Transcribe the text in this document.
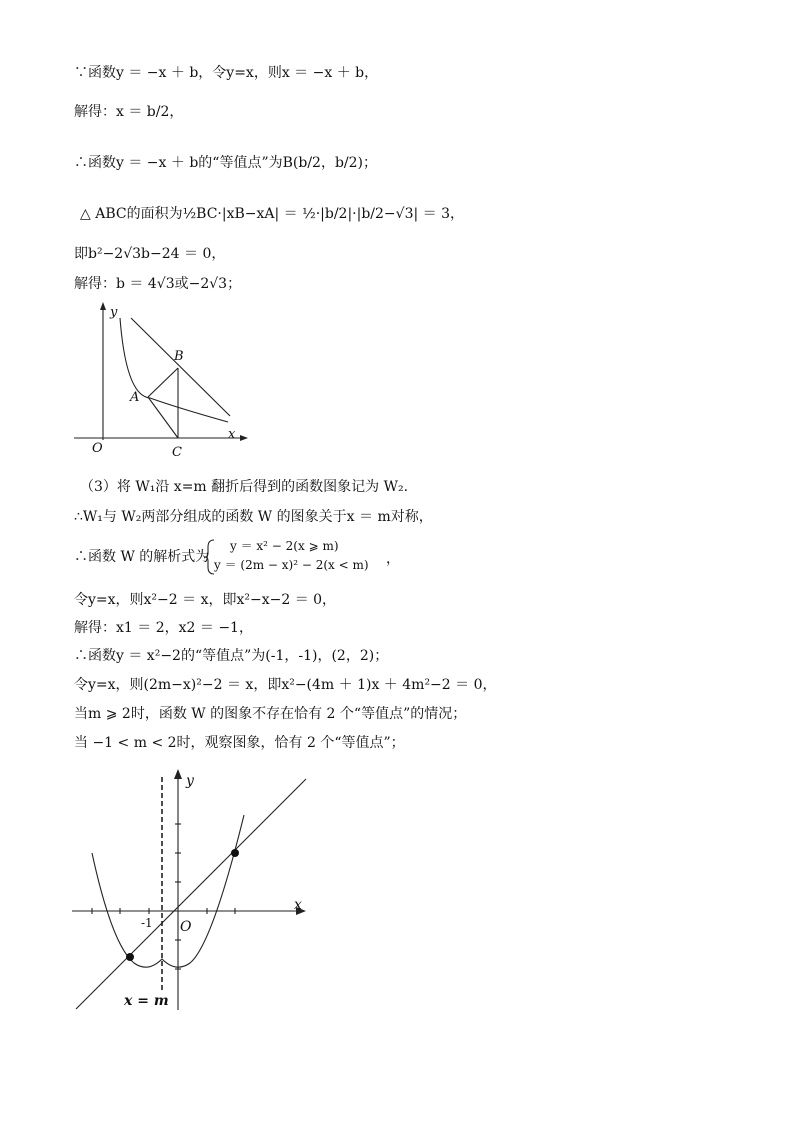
∵函数y ＝ −x ＋ b，令y=x，则x ＝ −x ＋ b，
解得：x ＝ b/2，
∴函数y ＝ −x ＋ b的“等值点”为B(b/2，b/2)；
△ ABC的面积为½BC·|xB−xA| ＝ ½·|b/2|·|b/2−√3| ＝ 3，
即b²−2√3b−24 ＝ 0，
解得：b ＝ 4√3或−2√3；
y
x
O
A
B
C
（3）将 W₁沿 x=m 翻折后得到的函数图象记为 W₂.
∴W₁与 W₂两部分组成的函数 W 的图象关于x ＝ m对称，
∴函数 W 的解析式为
y ＝ x² − 2(x ⩾ m)
y ＝ (2m − x)² − 2(x < m) ，
令y=x，则x²−2 ＝ x，即x²−x−2 ＝ 0，
解得：x1 ＝ 2，x2 ＝ −1，
∴函数y ＝ x²−2的“等值点”为(-1，-1)，(2，2)；
令y=x，则(2m−x)²−2 ＝ x，即x²−(4m ＋ 1)x ＋ 4m²−2 ＝ 0，
当m ⩾ 2时，函数 W 的图象不存在恰有 2 个“等值点”的情况；
当 −1 < m < 2时，观察图象，恰有 2 个“等值点”；
y
x
O
-1
x = m
